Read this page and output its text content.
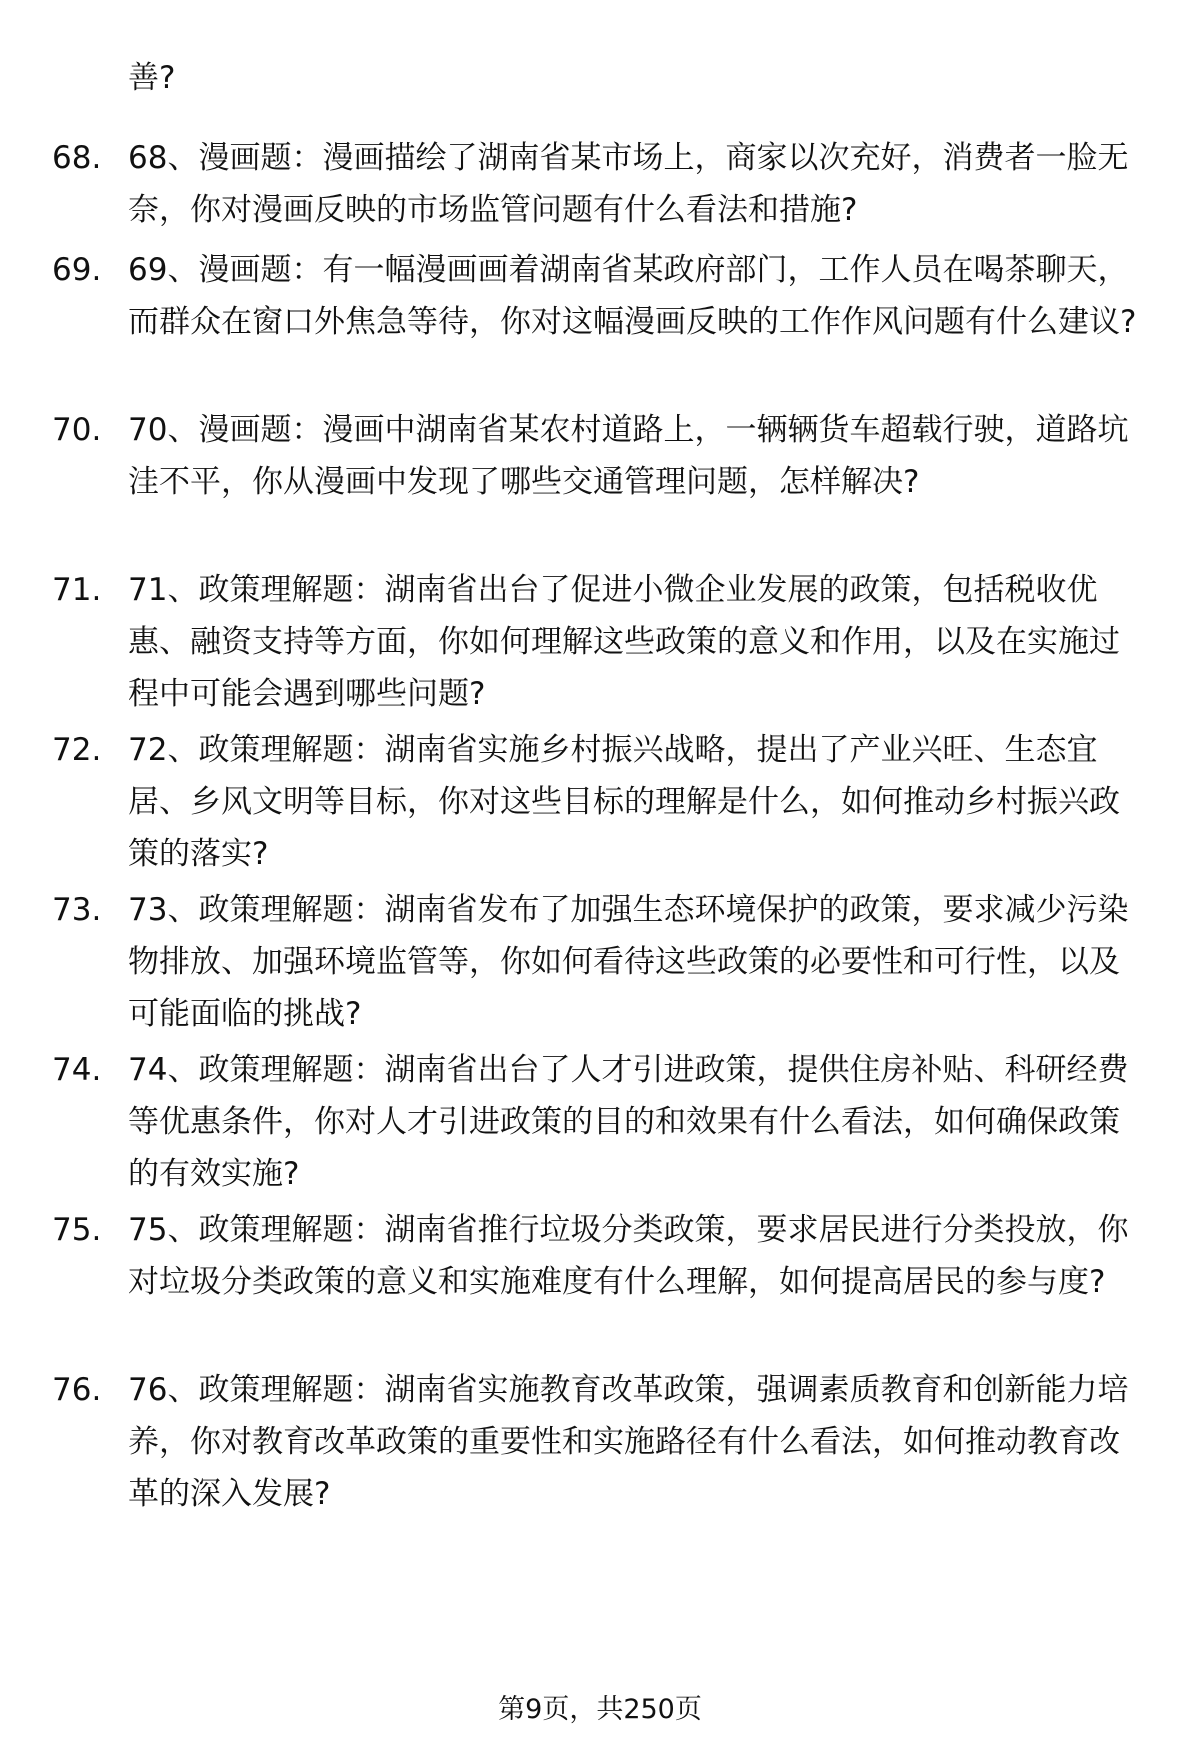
善?

68. 68、漫画题：漫画描绘了湖南省某市场上，商家以次充好，消费者一脸无奈，你对漫画反映的市场监管问题有什么看法和措施?

69. 69、漫画题：有一幅漫画画着湖南省某政府部门，工作人员在喝茶聊天，而群众在窗口外焦急等待，你对这幅漫画反映的工作作风问题有什么建议?

70. 70、漫画题：漫画中湖南省某农村道路上，一辆辆货车超载行驶，道路坑洼不平，你从漫画中发现了哪些交通管理问题，怎样解决?

71. 71、政策理解题：湖南省出台了促进小微企业发展的政策，包括税收优惠、融资支持等方面，你如何理解这些政策的意义和作用，以及在实施过程中可能会遇到哪些问题?

72. 72、政策理解题：湖南省实施乡村振兴战略，提出了产业兴旺、生态宜居、乡风文明等目标，你对这些目标的理解是什么，如何推动乡村振兴政策的落实?

73. 73、政策理解题：湖南省发布了加强生态环境保护的政策，要求减少污染物排放、加强环境监管等，你如何看待这些政策的必要性和可行性，以及可能面临的挑战?

74. 74、政策理解题：湖南省出台了人才引进政策，提供住房补贴、科研经费等优惠条件，你对人才引进政策的目的和效果有什么看法，如何确保政策的有效实施?

75. 75、政策理解题：湖南省推行垃圾分类政策，要求居民进行分类投放，你对垃圾分类政策的意义和实施难度有什么理解，如何提高居民的参与度?

76. 76、政策理解题：湖南省实施教育改革政策，强调素质教育和创新能力培养，你对教育改革政策的重要性和实施路径有什么看法，如何推动教育改革的深入发展?

第9页，共250页
